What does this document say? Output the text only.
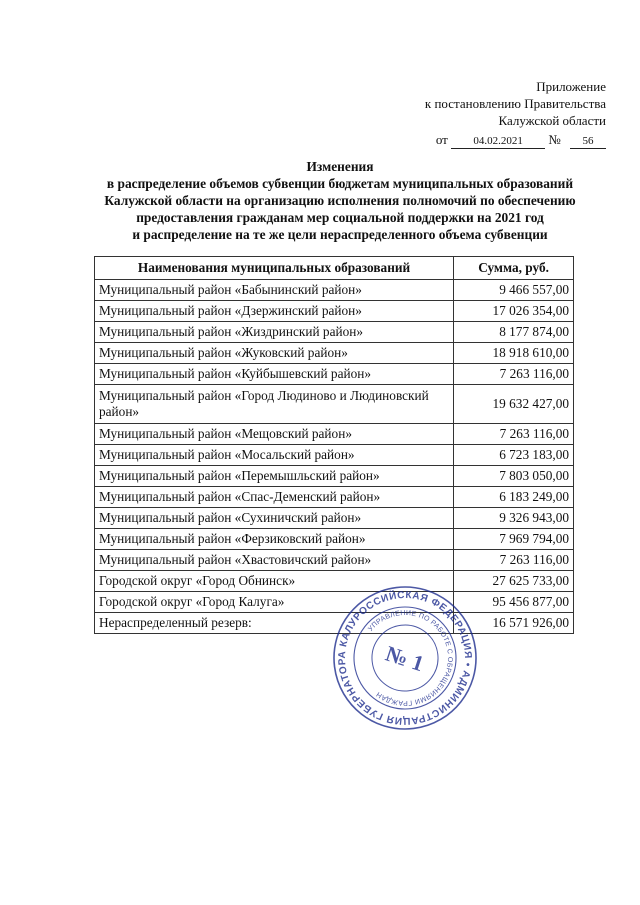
Приложение
к постановлению Правительства
Калужской области
от 04.02.2021 № 56
Изменения
в распределение объемов субвенции бюджетам муниципальных образований
Калужской области на организацию исполнения полномочий по обеспечению
предоставления гражданам мер социальной поддержки на 2021 год
и распределение на те же цели нераспределенного объема субвенции
Наименования муниципальных образований	Сумма, руб.
Муниципальный район «Бабынинский район»	9 466 557,00
Муниципальный район «Дзержинский район»	17 026 354,00
Муниципальный район «Жиздринский район»	8 177 874,00
Муниципальный район «Жуковский район»	18 918 610,00
Муниципальный район «Куйбышевский район»	7 263 116,00
Муниципальный район «Город Людиново и Людиновский район»	19 632 427,00
Муниципальный район «Мещовский район»	7 263 116,00
Муниципальный район «Мосальский район»	6 723 183,00
Муниципальный район «Перемышльский район»	7 803 050,00
Муниципальный район «Спас-Деменский район»	6 183 249,00
Муниципальный район «Сухиничский район»	9 326 943,00
Муниципальный район «Ферзиковский район»	7 969 794,00
Муниципальный район «Хвастовичский район»	7 263 116,00
Городской округ «Город Обнинск»	27 625 733,00
Городской округ «Город Калуга»	95 456 877,00
Нераспределенный резерв:	16 571 926,00
РОССИЙСКАЯ ФЕДЕРАЦИЯ • АДМИНИСТРАЦИЯ ГУБЕРНАТОРА КАЛУЖСКОЙ
УПРАВЛЕНИЕ ПО РАБОТЕ С ОБРАЩЕНИЯМИ ГРАЖДАН
№ 1
